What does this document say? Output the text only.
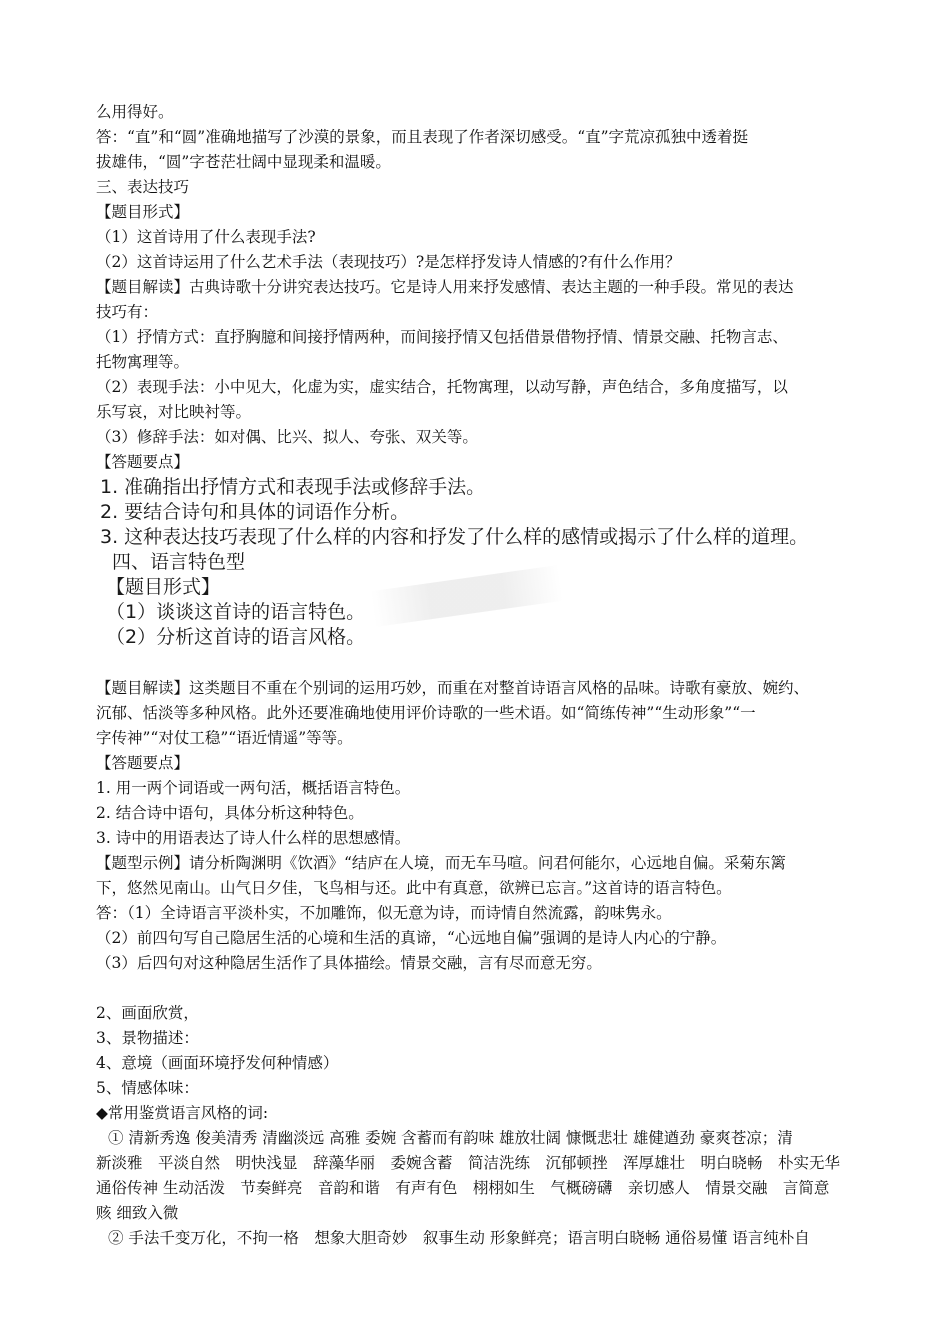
么用得好。
答：“直”和“圆”准确地描写了沙漠的景象，而且表现了作者深切感受。“直”字荒凉孤独中透着挺
拔雄伟，“圆”字苍茫壮阔中显现柔和温暖。
三、表达技巧
【题目形式】
（1）这首诗用了什么表现手法?
（2）这首诗运用了什么艺术手法（表现技巧）?是怎样抒发诗人情感的?有什么作用？
【题目解读】古典诗歌十分讲究表达技巧。它是诗人用来抒发感情、表达主题的一种手段。常见的表达
技巧有：
（1）抒情方式：直抒胸臆和间接抒情两种，而间接抒情又包括借景借物抒情、情景交融、托物言志、
托物寓理等。
（2）表现手法：小中见大，化虚为实，虚实结合，托物寓理，以动写静，声色结合，多角度描写，以
乐写哀，对比映衬等。
（3）修辞手法：如对偶、比兴、拟人、夸张、双关等。
【答题要点】
1. 准确指出抒情方式和表现手法或修辞手法。
2. 要结合诗句和具体的词语作分析。
3. 这种表达技巧表现了什么样的内容和抒发了什么样的感情或揭示了什么样的道理。
四、语言特色型
【题目形式】
（1）谈谈这首诗的语言特色。
（2）分析这首诗的语言风格。
【题目解读】这类题目不重在个别词的运用巧妙，而重在对整首诗语言风格的品味。诗歌有豪放、婉约、
沉郁、恬淡等多种风格。此外还要准确地使用评价诗歌的一些术语。如“简练传神”“生动形象”“一
字传神”“对仗工稳”“语近情遥”等等。
【答题要点】
1. 用一两个词语或一两句活，概括语言特色。
2. 结合诗中语句，具体分析这种特色。
3. 诗中的用语表达了诗人什么样的思想感情。
【题型示例】请分析陶渊明《饮酒》“结庐在人境，而无车马喧。问君何能尔，心远地自偏。采菊东篱
下，悠然见南山。山气日夕佳，飞鸟相与还。此中有真意，欲辨已忘言。”这首诗的语言特色。
答：（1）全诗语言平淡朴实，不加雕饰，似无意为诗，而诗情自然流露，韵味隽永。
（2）前四句写自己隐居生活的心境和生活的真谛，“心远地自偏”强调的是诗人内心的宁静。
（3）后四句对这种隐居生活作了具体描绘。情景交融，言有尽而意无穷。
2、画面欣赏，
3、景物描述：
4、意境（画面环境抒发何种情感）
5、情感体味：
◆常用鉴赏语言风格的词:
① 清新秀逸 俊美清秀 清幽淡远 高雅 委婉 含蓄而有韵味 雄放壮阔 慷慨悲壮 雄健遒劲 豪爽苍凉；清
新淡雅　平淡自然　明快浅显　辞藻华丽　委婉含蓄　简洁洗练　沉郁顿挫　浑厚雄壮　明白晓畅　朴实无华
通俗传神 生动活泼　节奏鲜亮　音韵和谐　有声有色　栩栩如生　气概磅礴　亲切感人　情景交融　言简意
赅 细致入微
② 手法千变万化，不拘一格　想象大胆奇妙　叙事生动 形象鲜亮；语言明白晓畅 通俗易懂 语言纯朴自
